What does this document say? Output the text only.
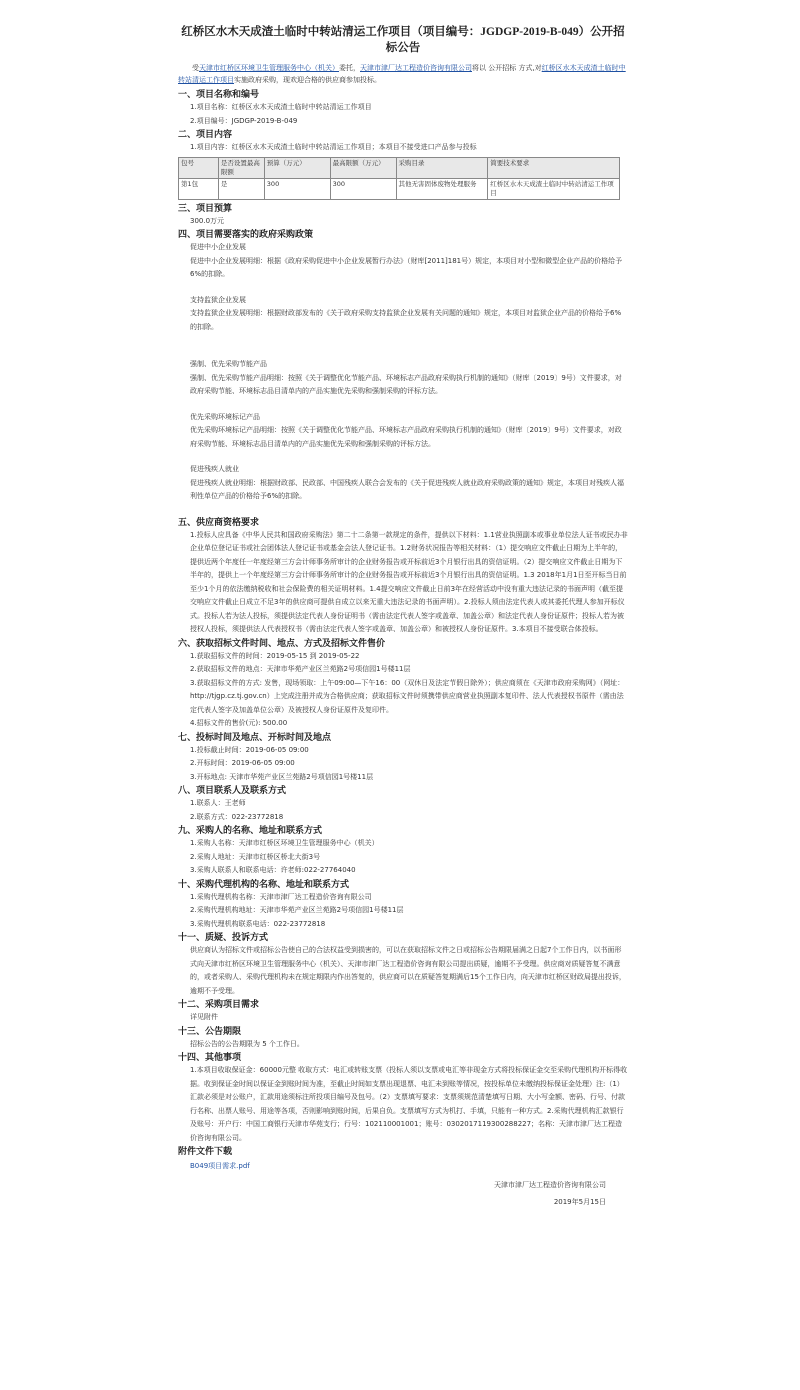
红桥区水木天成渣土临时中转站清运工作项目（项目编号：JGDGP-2019-B-049）公开招标公告

受天津市红桥区环境卫生管理服务中心（机关）委托，天津市津厂达工程造价咨询有限公司将以 公开招标 方式,对红桥区水木天成渣土临时中转站清运工作项目实施政府采购，现欢迎合格的供应商参加投标。

一、项目名称和编号

1.项目名称：红桥区水木天成渣土临时中转站清运工作项目

2.项目编号：JGDGP-2019-B-049

二、项目内容

1.项目内容：红桥区水木天成渣土临时中转站清运工作项目；本项目不接受进口产品参与投标

包号	是否设置最高限额	预算（万元）	最高限额（万元）	采购目录	简要技术要求
第1包	是	300	300	其他无害固体废物处理服务	红桥区水木天成渣土临时中转站清运工作项目
三、项目预算

300.0万元

四、项目需要落实的政府采购政策

促进中小企业发展

促进中小企业发展明细：根据《政府采购促进中小企业发展暂行办法》（财库[2011]181号）规定，本项目对小型和微型企业产品的价格给予6%的扣除。

支持监狱企业发展

支持监狱企业发展明细：根据财政部发布的《关于政府采购支持监狱企业发展有关问题的通知》规定，本项目对监狱企业产品的价格给予6%的扣除。

强制、优先采购节能产品

强制、优先采购节能产品明细：按照《关于调整优化节能产品、环境标志产品政府采购执行机制的通知》（财库〔2019〕9号）文件要求，对政府采购节能、环境标志品目清单内的产品实施优先采购和强制采购的评标方法。

优先采购环境标记产品

优先采购环境标记产品明细：按照《关于调整优化节能产品、环境标志产品政府采购执行机制的通知》（财库〔2019〕9号）文件要求，对政府采购节能、环境标志品目清单内的产品实施优先采购和强制采购的评标方法。

促进残疾人就业

促进残疾人就业明细：根据财政部、民政部、中国残疾人联合会发布的《关于促进残疾人就业政府采购政策的通知》规定，本项目对残疾人福利性单位产品的价格给予6%的扣除。

五、供应商资格要求

1.投标人应具备《中华人民共和国政府采购法》第二十二条第一款规定的条件，提供以下材料：1.1营业执照副本或事业单位法人证书或民办非企业单位登记证书或社会团体法人登记证书或基金会法人登记证书。1.2财务状况报告等相关材料：（1）提交响应文件截止日期为上半年的，提供近两个年度任一年度经第三方会计师事务所审计的企业财务报告或开标前近3个月银行出具的资信证明。（2）提交响应文件截止日期为下半年的，提供上一个年度经第三方会计师事务所审计的企业财务报告或开标前近3个月银行出具的资信证明。1.3 2018年1月1日至开标当日前至少1个月的依法缴纳税收和社会保险费的相关证明材料。1.4提交响应文件截止日前3年在经营活动中没有重大违法记录的书面声明（截至提交响应文件截止日成立不足3年的供应商可提供自成立以来无重大违法记录的书面声明）。2.投标人须由法定代表人或其委托代理人参加开标仪式。投标人若为法人投标，须提供法定代表人身份证明书（需由法定代表人签字或盖章、加盖公章）和法定代表人身份证原件；投标人若为被授权人投标，须提供法人代表授权书（需由法定代表人签字或盖章、加盖公章）和被授权人身份证原件。3.本项目不接受联合体投标。

六、获取招标文件时间、地点、方式及招标文件售价

1.获取招标文件的时间：2019-05-15 到 2019-05-22

2.获取招标文件的地点：天津市华苑产业区兰苑路2号项信园1号楼11层

3.获取招标文件的方式: 发售，现场领取：上午09:00—下午16：00（双休日及法定节假日除外）；供应商须在《天津市政府采购网》（网址：http://tjgp.cz.tj.gov.cn）上完成注册并成为合格供应商；获取招标文件时须携带供应商营业执照副本复印件、法人代表授权书原件（需由法定代表人签字及加盖单位公章）及被授权人身份证原件及复印件。

4.招标文件的售价(元): 500.00

七、投标时间及地点、开标时间及地点

1.投标截止时间：2019-06-05 09:00

2.开标时间：2019-06-05 09:00

3.开标地点: 天津市华苑产业区兰苑路2号项信园1号楼11层

八、项目联系人及联系方式

1.联系人：王老师

2.联系方式：022-23772818

九、采购人的名称、地址和联系方式

1.采购人名称：天津市红桥区环境卫生管理服务中心（机关）

2.采购人地址：天津市红桥区桥北大街3号

3.采购人联系人和联系电话：许老师:022-27764040

十、采购代理机构的名称、地址和联系方式

1.采购代理机构名称：天津市津厂达工程造价咨询有限公司

2.采购代理机构地址：天津市华苑产业区兰苑路2号项信园1号楼11层

3.采购代理机构联系电话：022-23772818

十一、质疑、投诉方式

供应商认为招标文件或招标公告使自己的合法权益受到损害的，可以在获取招标文件之日或招标公告期限届满之日起7个工作日内，以书面形式向天津市红桥区环境卫生管理服务中心（机关）、天津市津厂达工程造价咨询有限公司提出质疑，逾期不予受理。供应商对质疑答复不满意的，或者采购人、采购代理机构未在规定期限内作出答复的，供应商可以在质疑答复期满后15个工作日内，向天津市红桥区财政局提出投诉，逾期不予受理。

十二、采购项目需求

详见附件

十三、公告期限

招标公告的公告期限为 5 个工作日。

十四、其他事项

1.本项目收取保证金：60000元整 收取方式：电汇或转账支票（投标人须以支票或电汇等非现金方式将投标保证金交至采购代理机构开标得收据。收到保证金时间以保证金到账时间为准，至截止时间如支票出现退票、电汇未到账等情况，按投标单位未缴纳投标保证金处理）注:（1）汇款必须是对公账户，汇款用途须标注所投项目编号及包号。（2）支票填写要求：支票须规范清楚填写日期、大小写金额、密码、行号、付款行名称、出票人账号、用途等各项，否则影响到账时间，后果自负。支票填写方式为机打、手填，只能有一种方式。2.采购代理机构汇款银行及账号：开户行：中国工商银行天津市华苑支行；行号：102110001001；账号：0302017119300288227；名称：天津市津厂达工程造价咨询有限公司。

附件文件下载

B049项目需求.pdf

天津市津厂达工程造价咨询有限公司

2019年5月15日
